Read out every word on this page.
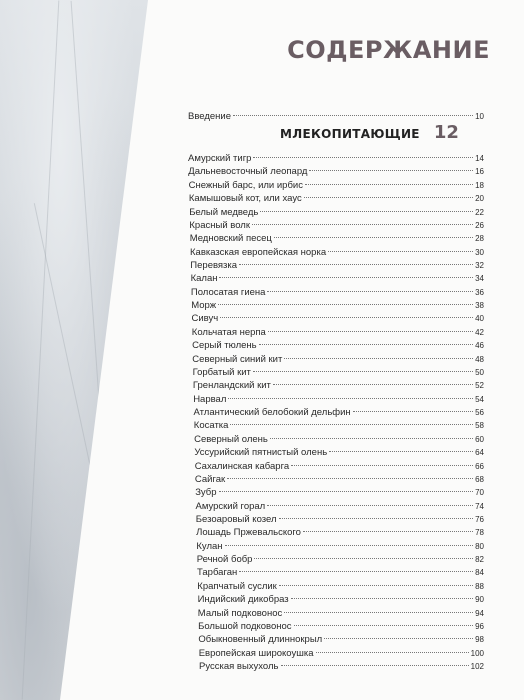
СОДЕРЖАНИЕ
Введение	10
МЛЕКОПИТАЮЩИЕ 12
Амурский тигр	14
Дальневосточный леопард	16
Снежный барс, или ирбис	18
Камышовый кот, или хаус	20
Белый медведь	22
Красный волк	26
Медновский песец	28
Кавказская европейская норка	30
Перевязка	32
Калан	34
Полосатая гиена	36
Морж	38
Сивуч	40
Кольчатая нерпа	42
Серый тюлень	46
Северный синий кит	48
Горбатый кит	50
Гренландский кит	52
Нарвал	54
Атлантический белобокий дельфин	56
Косатка	58
Северный олень	60
Уссурийский пятнистый олень	64
Сахалинская кабарга	66
Сайгак	68
Зубр	70
Амурский горал	74
Безоаровый козел	76
Лошадь Пржевальского	78
Кулан	80
Речной бобр	82
Тарбаган	84
Крапчатый суслик	88
Индийский дикобраз	90
Малый подковонос	94
Большой подковонос	96
Обыкновенный длиннокрыл	98
Европейская широкоушка	100
Русская выхухоль	102
